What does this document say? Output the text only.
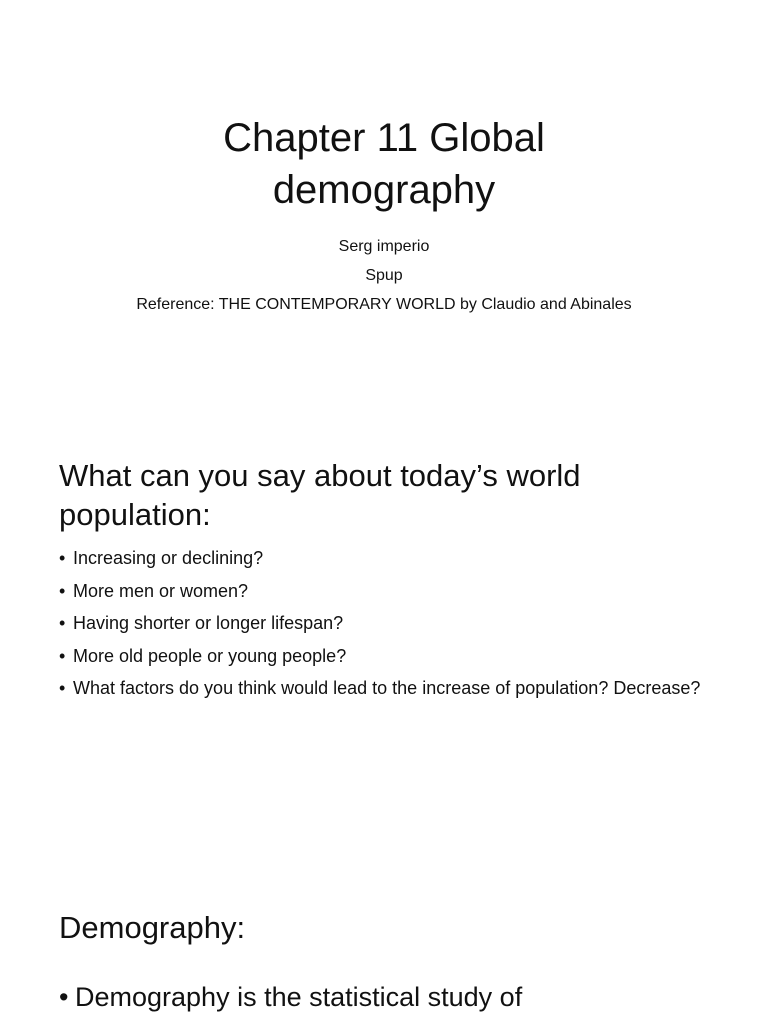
Chapter 11 Global
demography
Serg imperio
Spup
Reference: THE CONTEMPORARY WORLD by Claudio and Abinales
What can you say about today’s world
population:
• Increasing or declining?
• More men or women?
• Having shorter or longer lifespan?
• More old people or young people?
• What factors do you think would lead to the increase of population? Decrease?
Demography:
• Demography is the statistical study of
